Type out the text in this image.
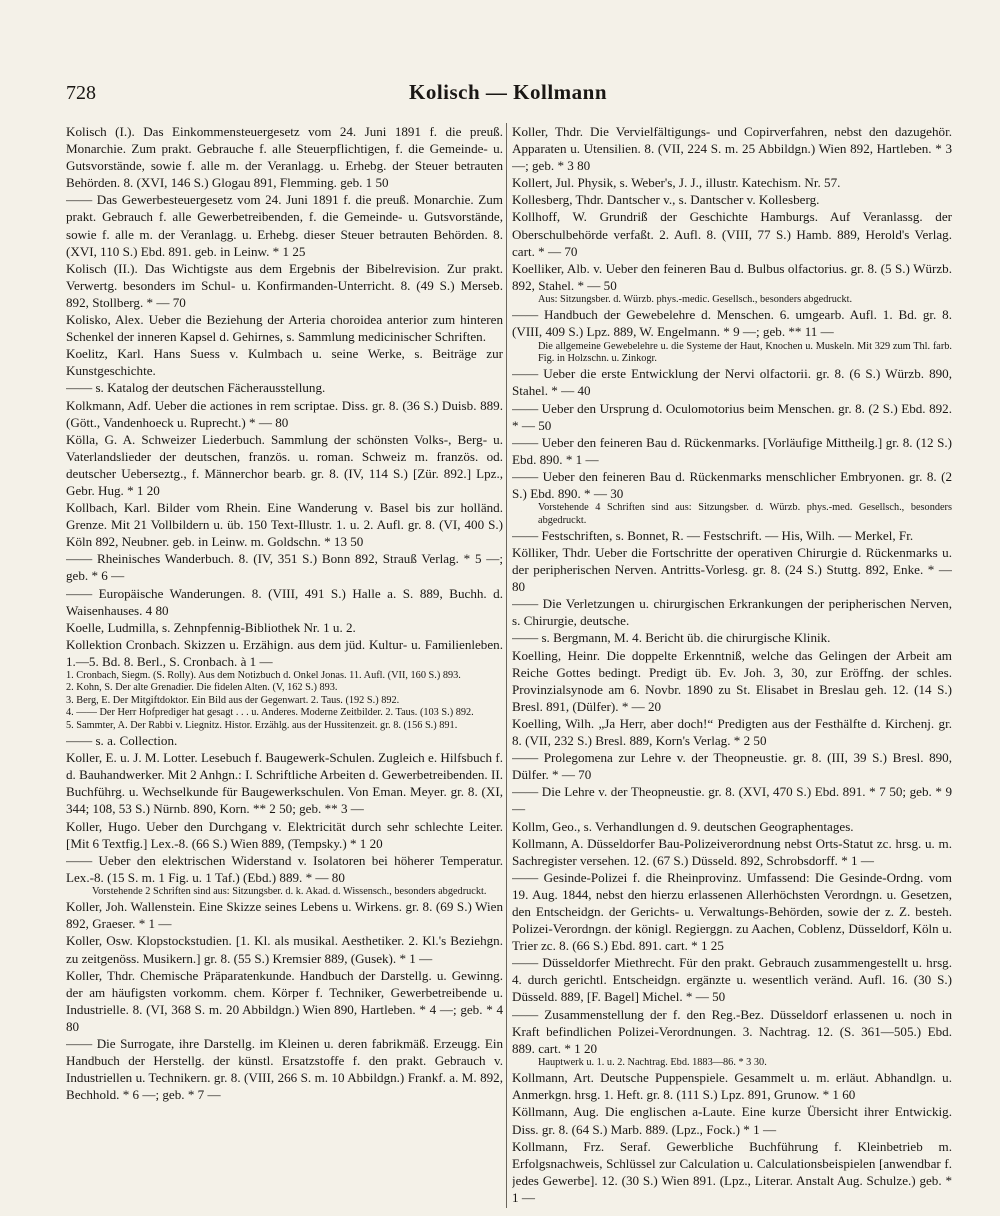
728	Kolisch — Kollmann
Kolisch (I.). Das Einkommensteuergesetz vom 24. Juni 1891 f. die preuß. Monarchie. Zum prakt. Gebrauche f. alle Steuerpflichtigen, f. die Gemeinde- u. Gutsvorstände, sowie f. alle m. der Veranlagg. u. Erhebg. der Steuer betrauten Behörden. 8. (XVI, 146 S.) Glogau 891, Flemming. geb. 1 50
—— Das Gewerbesteuergesetz vom 24. Juni 1891 f. die preuß. Monarchie. Zum prakt. Gebrauch f. alle Gewerbetreibenden, f. die Gemeinde- u. Gutsvorstände, sowie f. alle m. der Veranlagg. u. Erhebg. dieser Steuer betrauten Behörden. 8. (XVI, 110 S.) Ebd. 891. geb. in Leinw. * 1 25
Kolisch (II.). Das Wichtigste aus dem Ergebnis der Bibelrevision. Zur prakt. Verwertg. besonders im Schul- u. Konfirmanden-Unterricht. 8. (49 S.) Merseb. 892, Stollberg. * — 70
Kolisko, Alex. Ueber die Beziehung der Arteria choroidea anterior zum hinteren Schenkel der inneren Kapsel d. Gehirnes, s. Sammlung medicinischer Schriften.
Koelitz, Karl. Hans Suess v. Kulmbach u. seine Werke, s. Beiträge zur Kunstgeschichte.
—— s. Katalog der deutschen Fächerausstellung.
Kolkmann, Adf. Ueber die actiones in rem scriptae. Diss. gr. 8. (36 S.) Duisb. 889. (Gött., Vandenhoeck u. Ruprecht.) * — 80
Kölla, G. A. Schweizer Liederbuch. Sammlung der schönsten Volks-, Berg- u. Vaterlandslieder der deutschen, französ. u. roman. Schweiz m. französ. od. deutscher Ueberseztg., f. Männerchor bearb. gr. 8. (IV, 114 S.) [Zür. 892.] Lpz., Gebr. Hug. * 1 20
Kollbach, Karl. Bilder vom Rhein. Eine Wanderung v. Basel bis zur holländ. Grenze. Mit 21 Vollbildern u. üb. 150 Text-Illustr. 1. u. 2. Aufl. gr. 8. (VI, 400 S.) Köln 892, Neubner. geb. in Leinw. m. Goldschn. * 13 50
—— Rheinisches Wanderbuch. 8. (IV, 351 S.) Bonn 892, Strauß Verlag. * 5 —; geb. * 6 —
—— Europäische Wanderungen. 8. (VIII, 491 S.) Halle a. S. 889, Buchh. d. Waisenhauses. 4 80
Koelle, Ludmilla, s. Zehnpfennig-Bibliothek Nr. 1 u. 2.
Kollektion Cronbach. Skizzen u. Erzähign. aus dem jüd. Kultur- u. Familienleben. 1.—5. Bd. 8. Berl., S. Cronbach. à 1 —
1. Cronbach, Siegm. (S. Rolly). Aus dem Notizbuch d. Onkel Jonas. 11. Aufl. (VII, 160 S.) 893.
2. Kohn, S. Der alte Grenadier. Die fidelen Alten. (V, 162 S.) 893.
3. Berg, E. Der Mitgiftdoktor. Ein Bild aus der Gegenwart. 2. Taus. (192 S.) 892.
4. —— Der Herr Hofprediger hat gesagt . . . u. Anderes. Moderne Zeitbilder. 2. Taus. (103 S.) 892.
5. Sammter, A. Der Rabbi v. Liegnitz. Histor. Erzählg. aus der Hussitenzeit. gr. 8. (156 S.) 891.
—— s. a. Collection.
Koller, E. u. J. M. Lotter. Lesebuch f. Baugewerk-Schulen. Zugleich e. Hilfsbuch f. d. Bauhandwerker. Mit 2 Anhgn.: I. Schriftliche Arbeiten d. Gewerbetreibenden. II. Buchführg. u. Wechselkunde für Baugewerkschulen. Von Eman. Meyer. gr. 8. (XI, 344; 108, 53 S.) Nürnb. 890, Korn. ** 2 50; geb. ** 3 —
Koller, Hugo. Ueber den Durchgang v. Elektricität durch sehr schlechte Leiter. [Mit 6 Textfig.] Lex.-8. (66 S.) Wien 889, (Tempsky.) * 1 20
—— Ueber den elektrischen Widerstand v. Isolatoren bei höherer Temperatur. Lex.-8. (15 S. m. 1 Fig. u. 1 Taf.) (Ebd.) 889. * — 80
Vorstehende 2 Schriften sind aus: Sitzungsber. d. k. Akad. d. Wissensch., besonders abgedruckt.
Koller, Joh. Wallenstein. Eine Skizze seines Lebens u. Wirkens. gr. 8. (69 S.) Wien 892, Graeser. * 1 —
Koller, Osw. Klopstockstudien. [1. Kl. als musikal. Aesthetiker. 2. Kl.'s Beziehgn. zu zeitgenöss. Musikern.] gr. 8. (55 S.) Kremsier 889, (Gusek). * 1 —
Koller, Thdr. Chemische Präparatenkunde. Handbuch der Darstellg. u. Gewinng. der am häufigsten vorkomm. chem. Körper f. Techniker, Gewerbetreibende u. Industrielle. 8. (VI, 368 S. m. 20 Abbildgn.) Wien 890, Hartleben. * 4 —; geb. * 4 80
—— Die Surrogate, ihre Darstellg. im Kleinen u. deren fabrikmäß. Erzeugg. Ein Handbuch der Herstellg. der künstl. Ersatzstoffe f. den prakt. Gebrauch v. Industriellen u. Technikern. gr. 8. (VIII, 266 S. m. 10 Abbildgn.) Frankf. a. M. 892, Bechhold. * 6 —; geb. * 7 —
Koller, Thdr. Die Vervielfältigungs- und Copirverfahren, nebst den dazugehör. Apparaten u. Utensilien. 8. (VII, 224 S. m. 25 Abbildgn.) Wien 892, Hartleben. * 3 —; geb. * 3 80
Kollert, Jul. Physik, s. Weber's, J. J., illustr. Katechism. Nr. 57.
Kollesberg, Thdr. Dantscher v., s. Dantscher v. Kollesberg.
Kollhoff, W. Grundriß der Geschichte Hamburgs. Auf Veranlassg. der Oberschulbehörde verfaßt. 2. Aufl. 8. (VIII, 77 S.) Hamb. 889, Herold's Verlag. cart. * — 70
Koelliker, Alb. v. Ueber den feineren Bau d. Bulbus olfactorius. gr. 8. (5 S.) Würzb. 892, Stahel. * — 50
Aus: Sitzungsber. d. Würzb. phys.-medic. Gesellsch., besonders abgedruckt.
—— Handbuch der Gewebelehre d. Menschen. 6. umgearb. Aufl. 1. Bd. gr. 8. (VIII, 409 S.) Lpz. 889, W. Engelmann. * 9 —; geb. ** 11 —
Die allgemeine Gewebelehre u. die Systeme der Haut, Knochen u. Muskeln. Mit 329 zum Thl. farb. Fig. in Holzschn. u. Zinkogr.
—— Ueber die erste Entwicklung der Nervi olfactorii. gr. 8. (6 S.) Würzb. 890, Stahel. * — 40
—— Ueber den Ursprung d. Oculomotorius beim Menschen. gr. 8. (2 S.) Ebd. 892. * — 50
—— Ueber den feineren Bau d. Rückenmarks. [Vorläufige Mittheilg.] gr. 8. (12 S.) Ebd. 890. * 1 —
—— Ueber den feineren Bau d. Rückenmarks menschlicher Embryonen. gr. 8. (2 S.) Ebd. 890. * — 30
Vorstehende 4 Schriften sind aus: Sitzungsber. d. Würzb. phys.-med. Gesellsch., besonders abgedruckt.
—— Festschriften, s. Bonnet, R. — Festschrift. — His, Wilh. — Merkel, Fr.
Kölliker, Thdr. Ueber die Fortschritte der operativen Chirurgie d. Rückenmarks u. der peripherischen Nerven. Antritts-Vorlesg. gr. 8. (24 S.) Stuttg. 892, Enke. * — 80
—— Die Verletzungen u. chirurgischen Erkrankungen der peripherischen Nerven, s. Chirurgie, deutsche.
—— s. Bergmann, M. 4. Bericht üb. die chirurgische Klinik.
Koelling, Heinr. Die doppelte Erkenntniß, welche das Gelingen der Arbeit am Reiche Gottes bedingt. Predigt üb. Ev. Joh. 3, 30, zur Eröffng. der schles. Provinzialsynode am 6. Novbr. 1890 zu St. Elisabet in Breslau geh. 12. (14 S.) Bresl. 891, (Dülfer). * — 20
Koelling, Wilh. „Ja Herr, aber doch!“ Predigten aus der Festhälfte d. Kirchenj. gr. 8. (VII, 232 S.) Bresl. 889, Korn's Verlag. * 2 50
—— Prolegomena zur Lehre v. der Theopneustie. gr. 8. (III, 39 S.) Bresl. 890, Dülfer. * — 70
—— Die Lehre v. der Theopneustie. gr. 8. (XVI, 470 S.) Ebd. 891. * 7 50; geb. * 9 —
Kollm, Geo., s. Verhandlungen d. 9. deutschen Geographentages.
Kollmann, A. Düsseldorfer Bau-Polizeiverordnung nebst Orts-Statut zc. hrsg. u. m. Sachregister versehen. 12. (67 S.) Düsseld. 892, Schrobsdorff. * 1 —
—— Gesinde-Polizei f. die Rheinprovinz. Umfassend: Die Gesinde-Ordng. vom 19. Aug. 1844, nebst den hierzu erlassenen Allerhöchsten Verordngn. u. Gesetzen, den Entscheidgn. der Gerichts- u. Verwaltungs-Behörden, sowie der z. Z. besteh. Polizei-Verordngn. der königl. Regierggn. zu Aachen, Coblenz, Düsseldorf, Köln u. Trier zc. 8. (66 S.) Ebd. 891. cart. * 1 25
—— Düsseldorfer Miethrecht. Für den prakt. Gebrauch zusammengestellt u. hrsg. 4. durch gerichtl. Entscheidgn. ergänzte u. wesentlich veränd. Aufl. 16. (30 S.) Düsseld. 889, [F. Bagel] Michel. * — 50
—— Zusammenstellung der f. den Reg.-Bez. Düsseldorf erlassenen u. noch in Kraft befindlichen Polizei-Verordnungen. 3. Nachtrag. 12. (S. 361—505.) Ebd. 889. cart. * 1 20
Hauptwerk u. 1. u. 2. Nachtrag. Ebd. 1883—86. * 3 30.
Kollmann, Art. Deutsche Puppenspiele. Gesammelt u. m. erläut. Abhandlgn. u. Anmerkgn. hrsg. 1. Heft. gr. 8. (111 S.) Lpz. 891, Grunow. * 1 60
Köllmann, Aug. Die englischen a-Laute. Eine kurze Übersicht ihrer Entwickig. Diss. gr. 8. (64 S.) Marb. 889. (Lpz., Fock.) * 1 —
Kollmann, Frz. Seraf. Gewerbliche Buchführung f. Kleinbetrieb m. Erfolgsnachweis, Schlüssel zur Calculation u. Calculationsbeispielen [anwendbar f. jedes Gewerbe]. 12. (30 S.) Wien 891. (Lpz., Literar. Anstalt Aug. Schulze.) geb. * 1 —
